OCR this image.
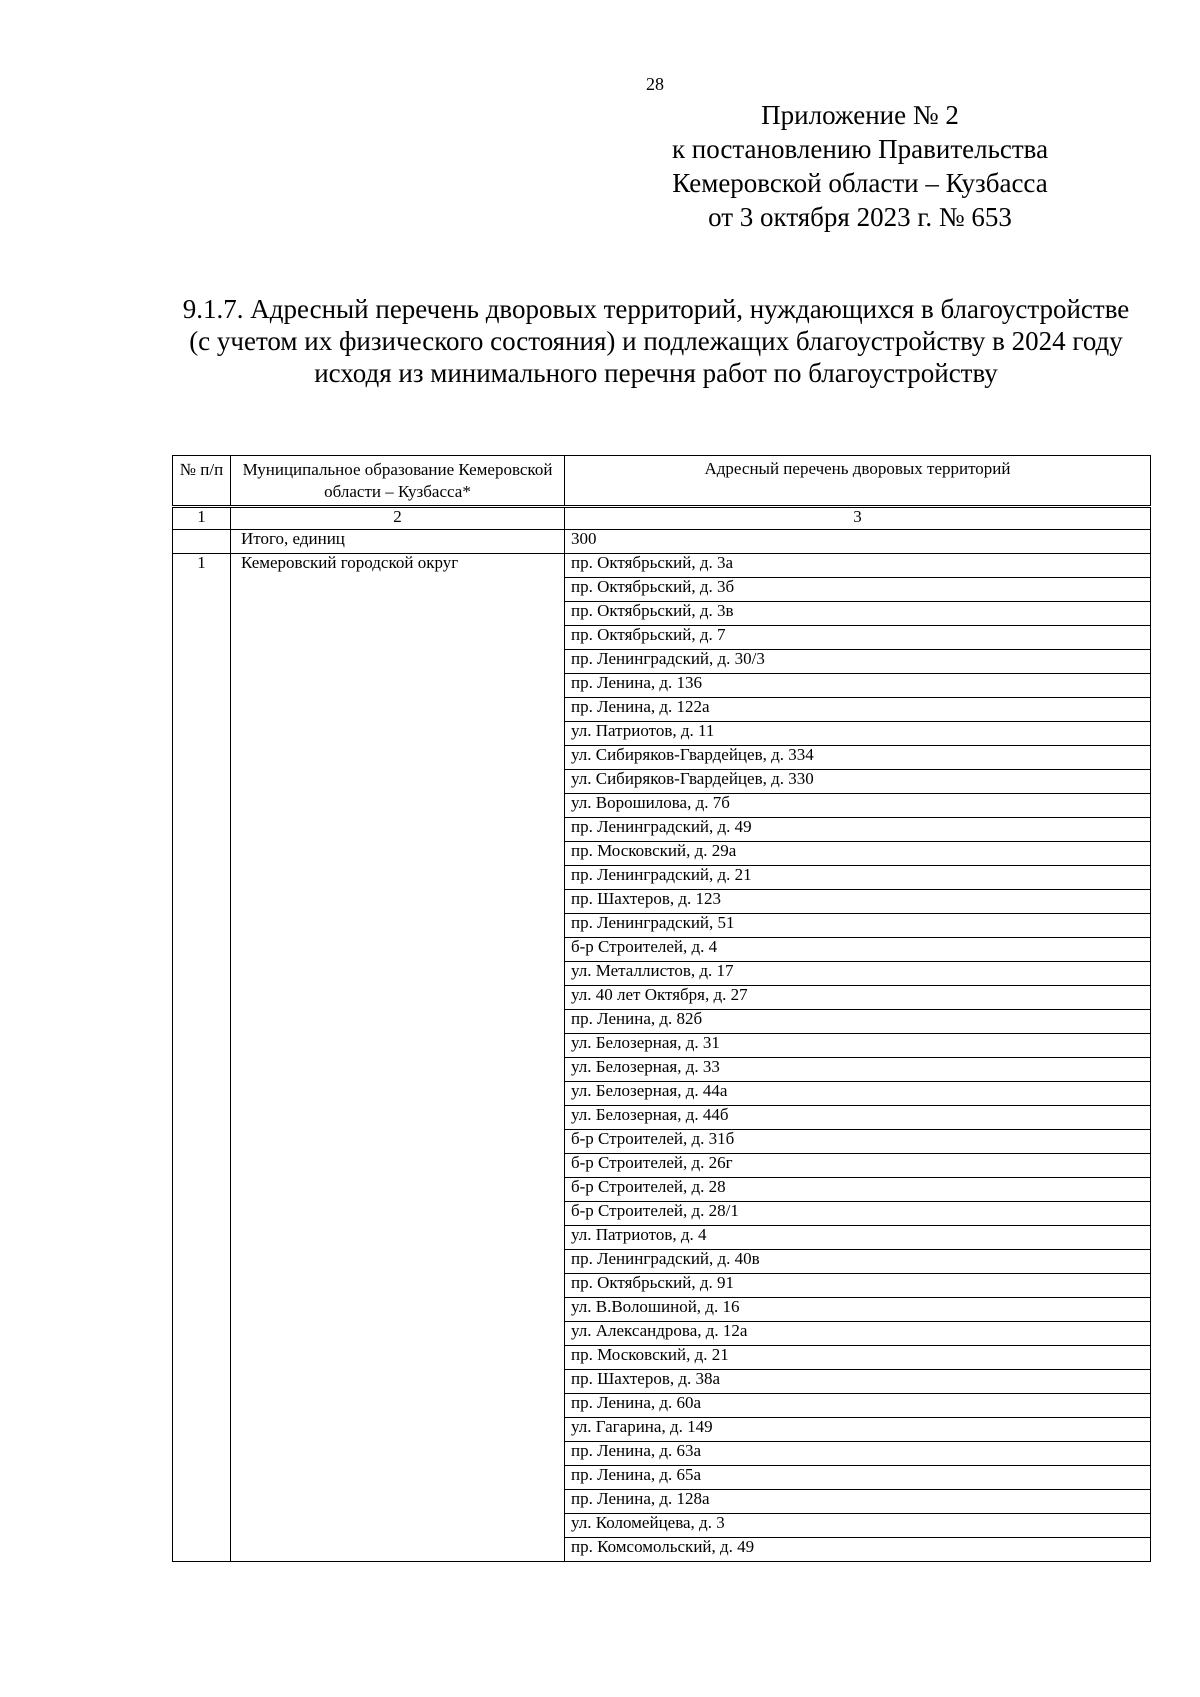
28
Приложение № 2
к постановлению Правительства
Кемеровской области – Кузбасса
от 3 октября 2023 г. № 653
9.1.7. Адресный перечень дворовых территорий, нуждающихся в благоустройстве (с учетом их физического состояния) и подлежащих благоустройству в 2024 году исходя из минимального перечня работ по благоустройству
№ п/п	Муниципальное образование Кемеровской области – Кузбасса*	Адресный перечень дворовых территорий
1	2	3
	Итого, единиц	300
1	Кемеровский городской округ	пр. Октябрьский, д. 3а
		пр. Октябрьский, д. 3б
		пр. Октябрьский, д. 3в
		пр. Октябрьский, д. 7
		пр. Ленинградский, д. 30/3
		пр. Ленина, д. 136
		пр. Ленина, д. 122а
		ул. Патриотов, д. 11
		ул. Сибиряков-Гвардейцев, д. 334
		ул. Сибиряков-Гвардейцев, д. 330
		ул. Ворошилова, д. 7б
		пр. Ленинградский, д. 49
		пр. Московский, д. 29а
		пр. Ленинградский, д. 21
		пр. Шахтеров, д. 123
		пр. Ленинградский, 51
		б-р Строителей, д. 4
		ул. Металлистов, д. 17
		ул. 40 лет Октября, д. 27
		пр. Ленина, д. 82б
		ул. Белозерная, д. 31
		ул. Белозерная, д. 33
		ул. Белозерная, д. 44а
		ул. Белозерная, д. 44б
		б-р Строителей, д. 31б
		б-р Строителей, д. 26г
		б-р Строителей, д. 28
		б-р Строителей, д. 28/1
		ул. Патриотов, д. 4
		пр. Ленинградский, д. 40в
		пр. Октябрьский, д. 91
		ул. В.Волошиной, д. 16
		ул. Александрова, д. 12а
		пр. Московский, д. 21
		пр. Шахтеров, д. 38а
		пр. Ленина, д. 60а
		ул. Гагарина, д. 149
		пр. Ленина, д. 63а
		пр. Ленина, д. 65а
		пр. Ленина, д. 128а
		ул. Коломейцева, д. 3
		пр. Комсомольский, д. 49
